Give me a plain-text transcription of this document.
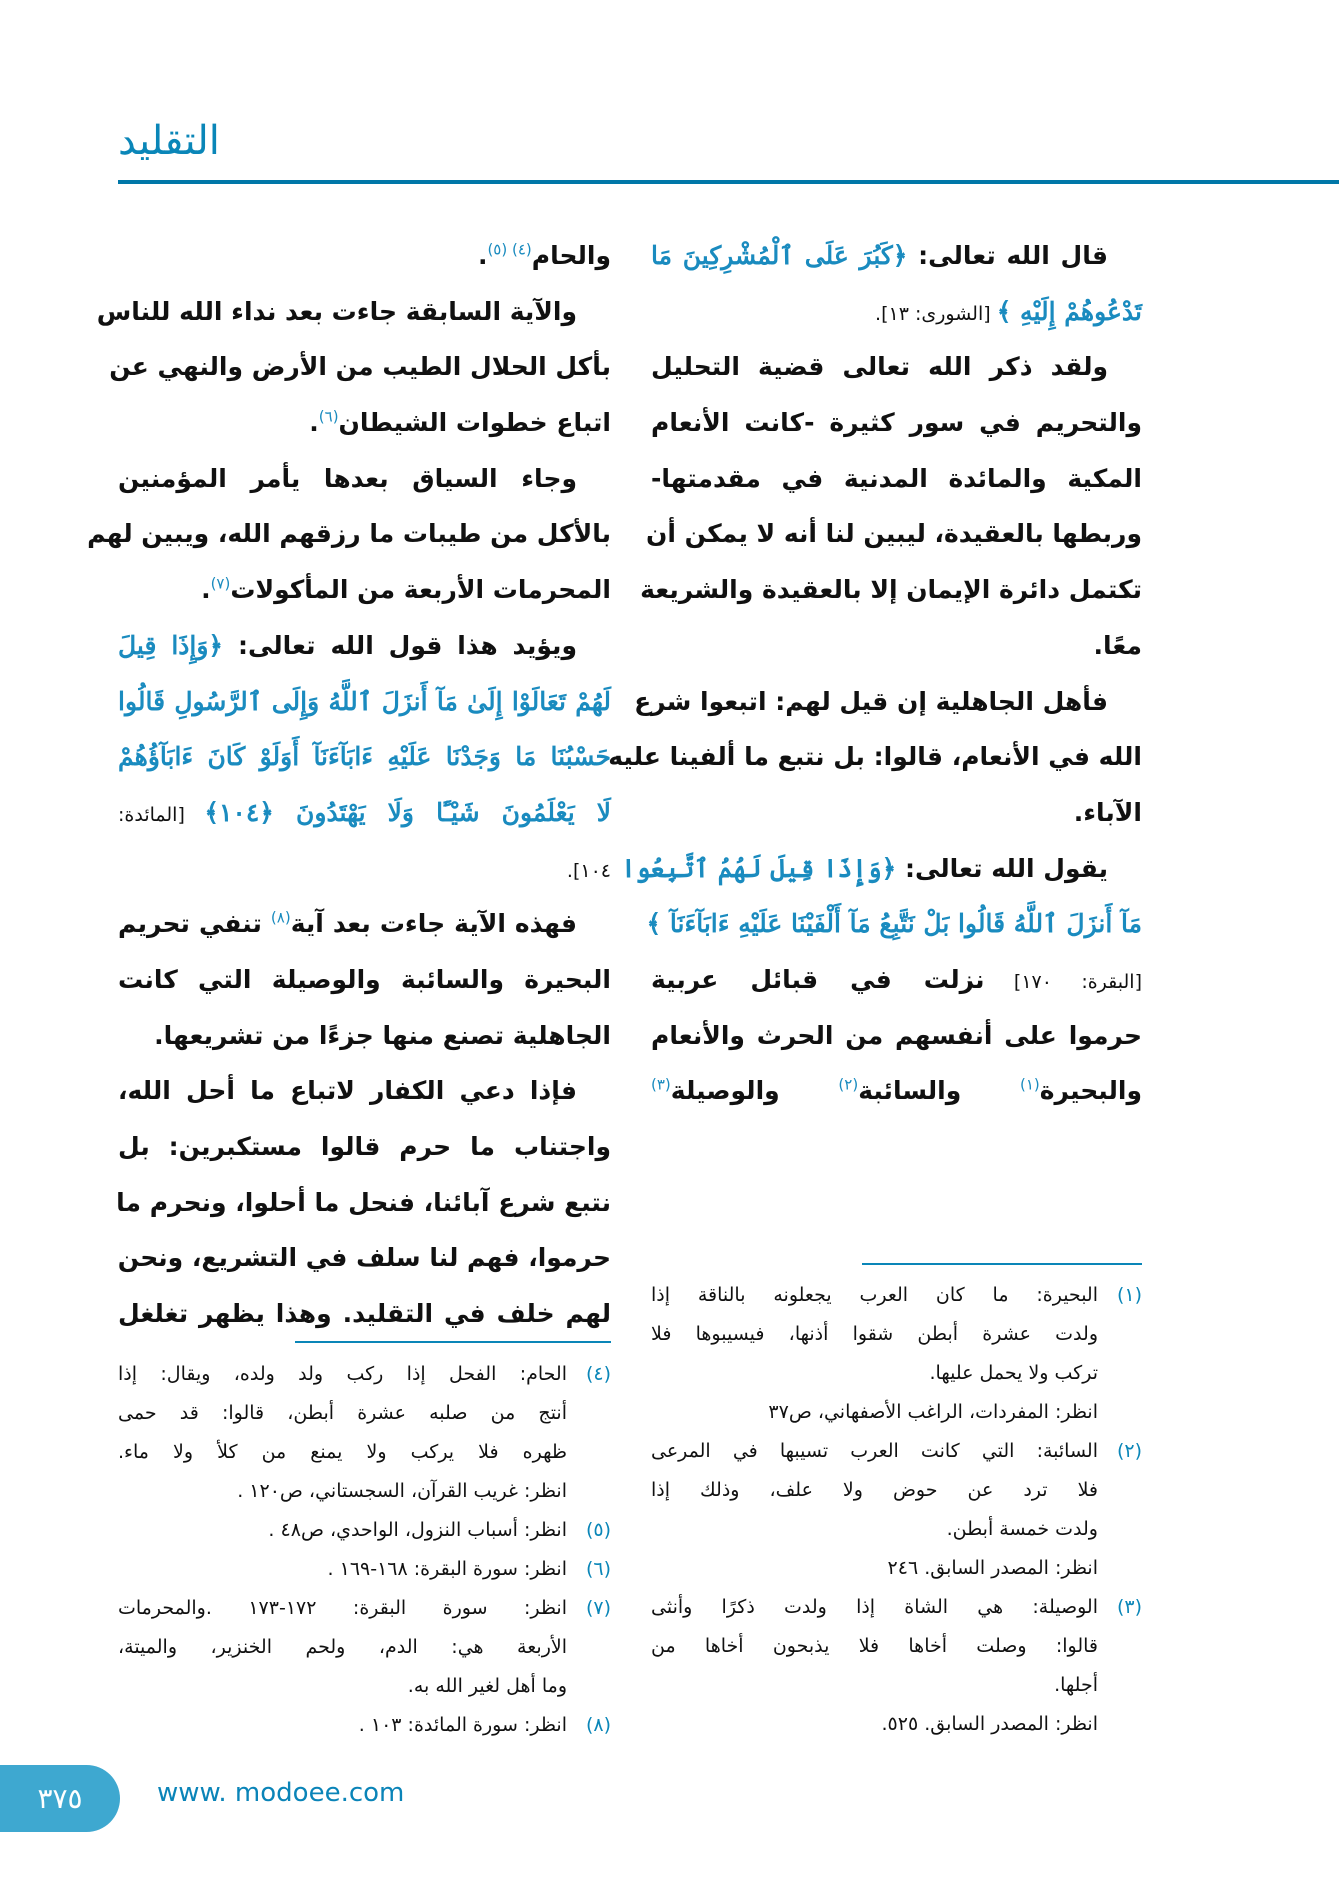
التقليد
قال الله تعالى: ﴿كَبُرَ عَلَى ٱلْمُشْرِكِينَ مَا
تَدْعُوهُمْ إِلَيْهِ ﴾ [الشورى: ١٣].
ولقد ذكر الله تعالى قضية التحليل
والتحريم في سور كثيرة -كانت الأنعام
المكية والمائدة المدنية في مقدمتها-
وربطها بالعقيدة، ليبين لنا أنه لا يمكن أن
تكتمل دائرة الإيمان إلا بالعقيدة والشريعة
معًا.
فأهل الجاهلية إن قيل لهم: اتبعوا شرع
الله في الأنعام، قالوا: بل نتبع ما ألفينا عليه
الآباء.
يقول الله تعالى: ﴿وَإِذَا قِيلَ لَهُمُ ٱتَّبِعُوا
مَآ أَنزَلَ ٱللَّهُ قَالُوا بَلْ نَتَّبِعُ مَآ أَلْفَيْنَا عَلَيْهِ ءَابَآءَنَآ ﴾
[البقرة: ١٧٠] نزلت في قبائل عربية
حرموا على أنفسهم من الحرث والأنعام
والبحيرة$^{(١)}$ والسائبة$^{(٢)}$ والوصيلة$^{(٣)}$
والحام$^{(٤) (٥)}$.
والآية السابقة جاءت بعد نداء الله للناس
بأكل الحلال الطيب من الأرض والنهي عن
اتباع خطوات الشيطان$^{(٦)}$.
وجاء السياق بعدها يأمر المؤمنين
بالأكل من طيبات ما رزقهم الله، ويبين لهم
المحرمات الأربعة من المأكولات$^{(٧)}$.
ويؤيد هذا قول الله تعالى: ﴿وَإِذَا قِيلَ
لَهُمْ تَعَالَوْا إِلَىٰ مَآ أَنزَلَ ٱللَّهُ وَإِلَى ٱلرَّسُولِ قَالُوا
حَسْبُنَا مَا وَجَدْنَا عَلَيْهِ ءَابَآءَنَآ أَوَلَوْ كَانَ ءَابَآؤُهُمْ
لَا يَعْلَمُونَ شَيْـًٔا وَلَا يَهْتَدُونَ ﴿١٠٤﴾ [المائدة:
١٠٤].
فهذه الآية جاءت بعد آية$^{(٨)}$ تنفي تحريم
البحيرة والسائبة والوصيلة التي كانت
الجاهلية تصنع منها جزءًا من تشريعها.
فإذا دعي الكفار لاتباع ما أحل الله،
واجتناب ما حرم قالوا مستكبرين: بل
نتبع شرع آبائنا، فنحل ما أحلوا، ونحرم ما
حرموا، فهم لنا سلف في التشريع، ونحن
لهم خلف في التقليد. وهذا يظهر تغلغل
(١)
البحيرة: ما كان العرب يجعلونه بالناقة إذا
ولدت عشرة أبطن شقوا أذنها، فيسيبوها فلا
تركب ولا يحمل عليها.
انظر: المفردات، الراغب الأصفهاني، ص٣٧
(٢)
السائبة: التي كانت العرب تسيبها في المرعى
فلا ترد عن حوض ولا علف، وذلك إذا
ولدت خمسة أبطن.
انظر: المصدر السابق. ٢٤٦
(٣)
الوصيلة: هي الشاة إذا ولدت ذكرًا وأنثى
قالوا: وصلت أخاها فلا يذبحون أخاها من
أجلها.
انظر: المصدر السابق. ٥٢٥.
(٤)
الحام: الفحل إذا ركب ولد ولده، ويقال: إذا
أنتج من صلبه عشرة أبطن، قالوا: قد حمى
ظهره فلا يركب ولا يمنع من كلأ ولا ماء.
انظر: غريب القرآن، السجستاني، ص١٢٠ .
(٥)
انظر: أسباب النزول، الواحدي، ص٤٨ .
(٦)
انظر: سورة البقرة: ١٦٨-١٦٩ .
(٧)
انظر: سورة البقرة: ١٧٢-١٧٣ .والمحرمات
الأربعة هي: الدم، ولحم الخنزير، والميتة،
وما أهل لغير الله به.
(٨)
انظر: سورة المائدة: ١٠٣ .
٣٧٥	www. modoee.com
